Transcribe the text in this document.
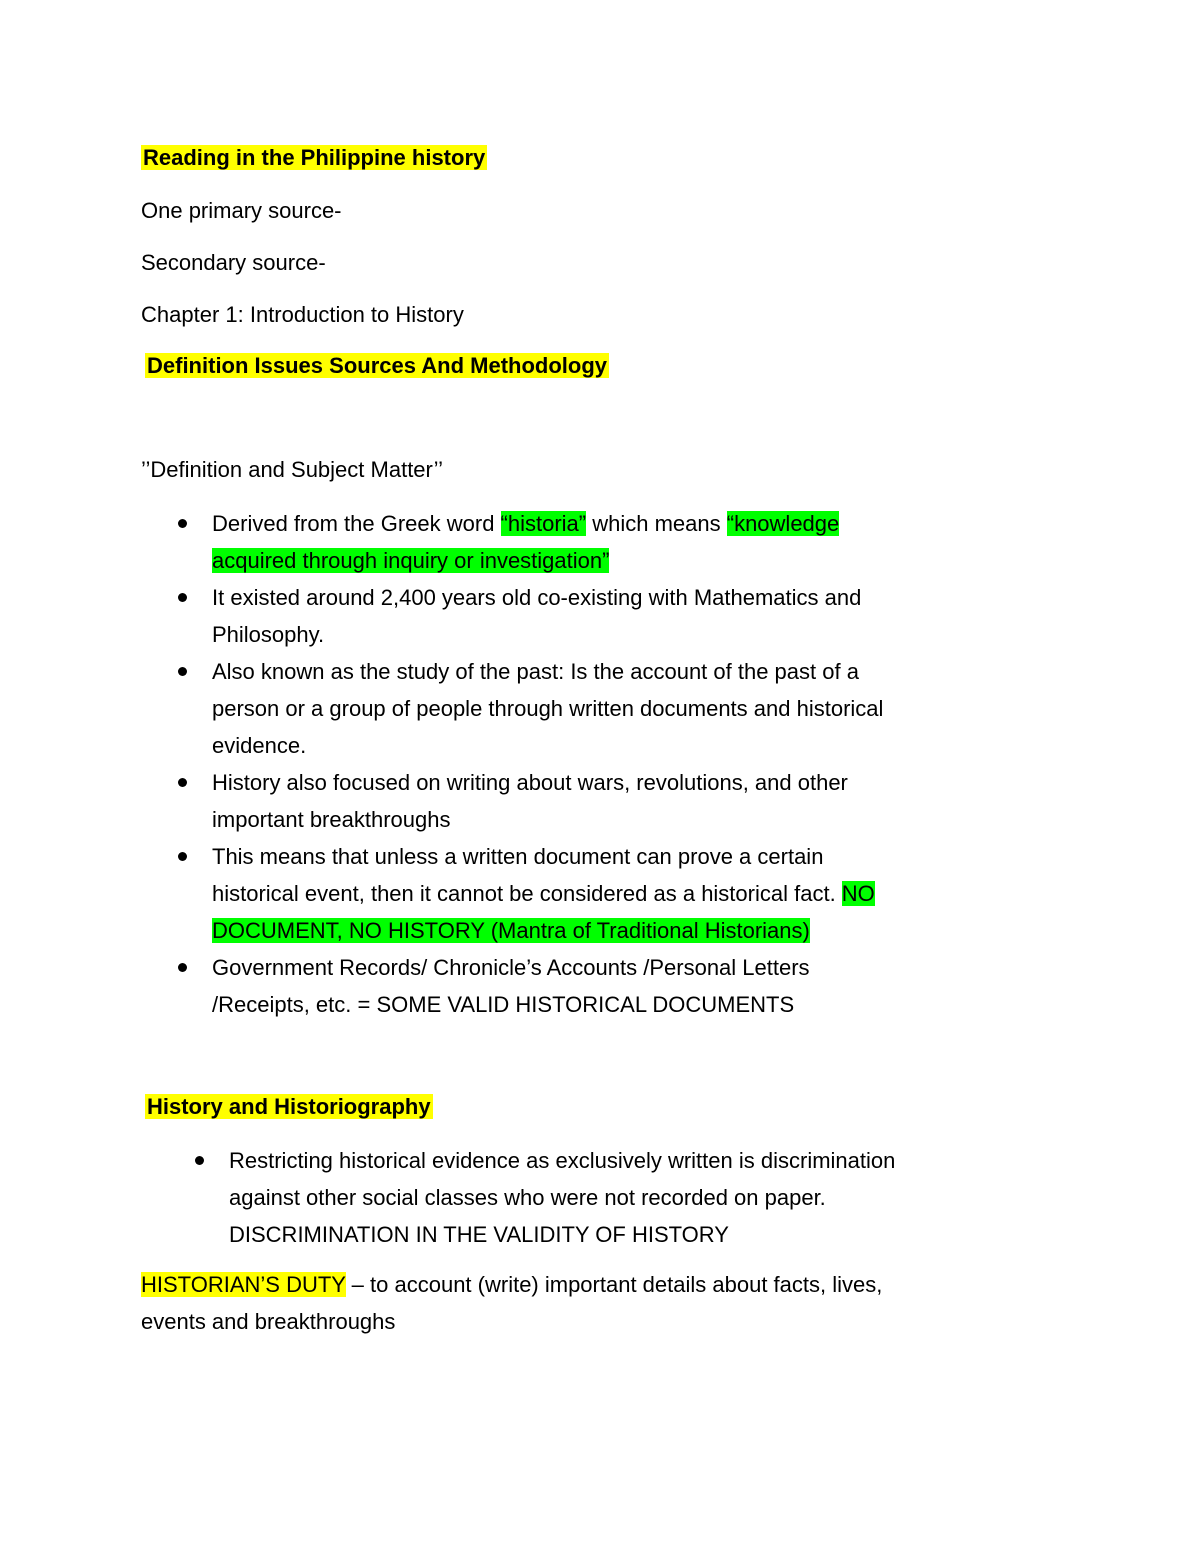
Reading in the Philippine history
One primary source-
Secondary source-
Chapter 1: Introduction to History
Definition Issues Sources And Methodology
’’Definition and Subject Matter’’
Derived from the Greek word “historia” which means “knowledge
acquired through inquiry or investigation”
It existed around 2,400 years old co-existing with Mathematics and
Philosophy.
Also known as the study of the past: Is the account of the past of a
person or a group of people through written documents and historical
evidence.
History also focused on writing about wars, revolutions, and other
important breakthroughs
This means that unless a written document can prove a certain
historical event, then it cannot be considered as a historical fact. NO
DOCUMENT, NO HISTORY (Mantra of Traditional Historians)
Government Records/ Chronicle’s Accounts /Personal Letters
/Receipts, etc. = SOME VALID HISTORICAL DOCUMENTS
History and Historiography
Restricting historical evidence as exclusively written is discrimination
against other social classes who were not recorded on paper.
DISCRIMINATION IN THE VALIDITY OF HISTORY
HISTORIAN’S DUTY – to account (write) important details about facts, lives,
events and breakthroughs
